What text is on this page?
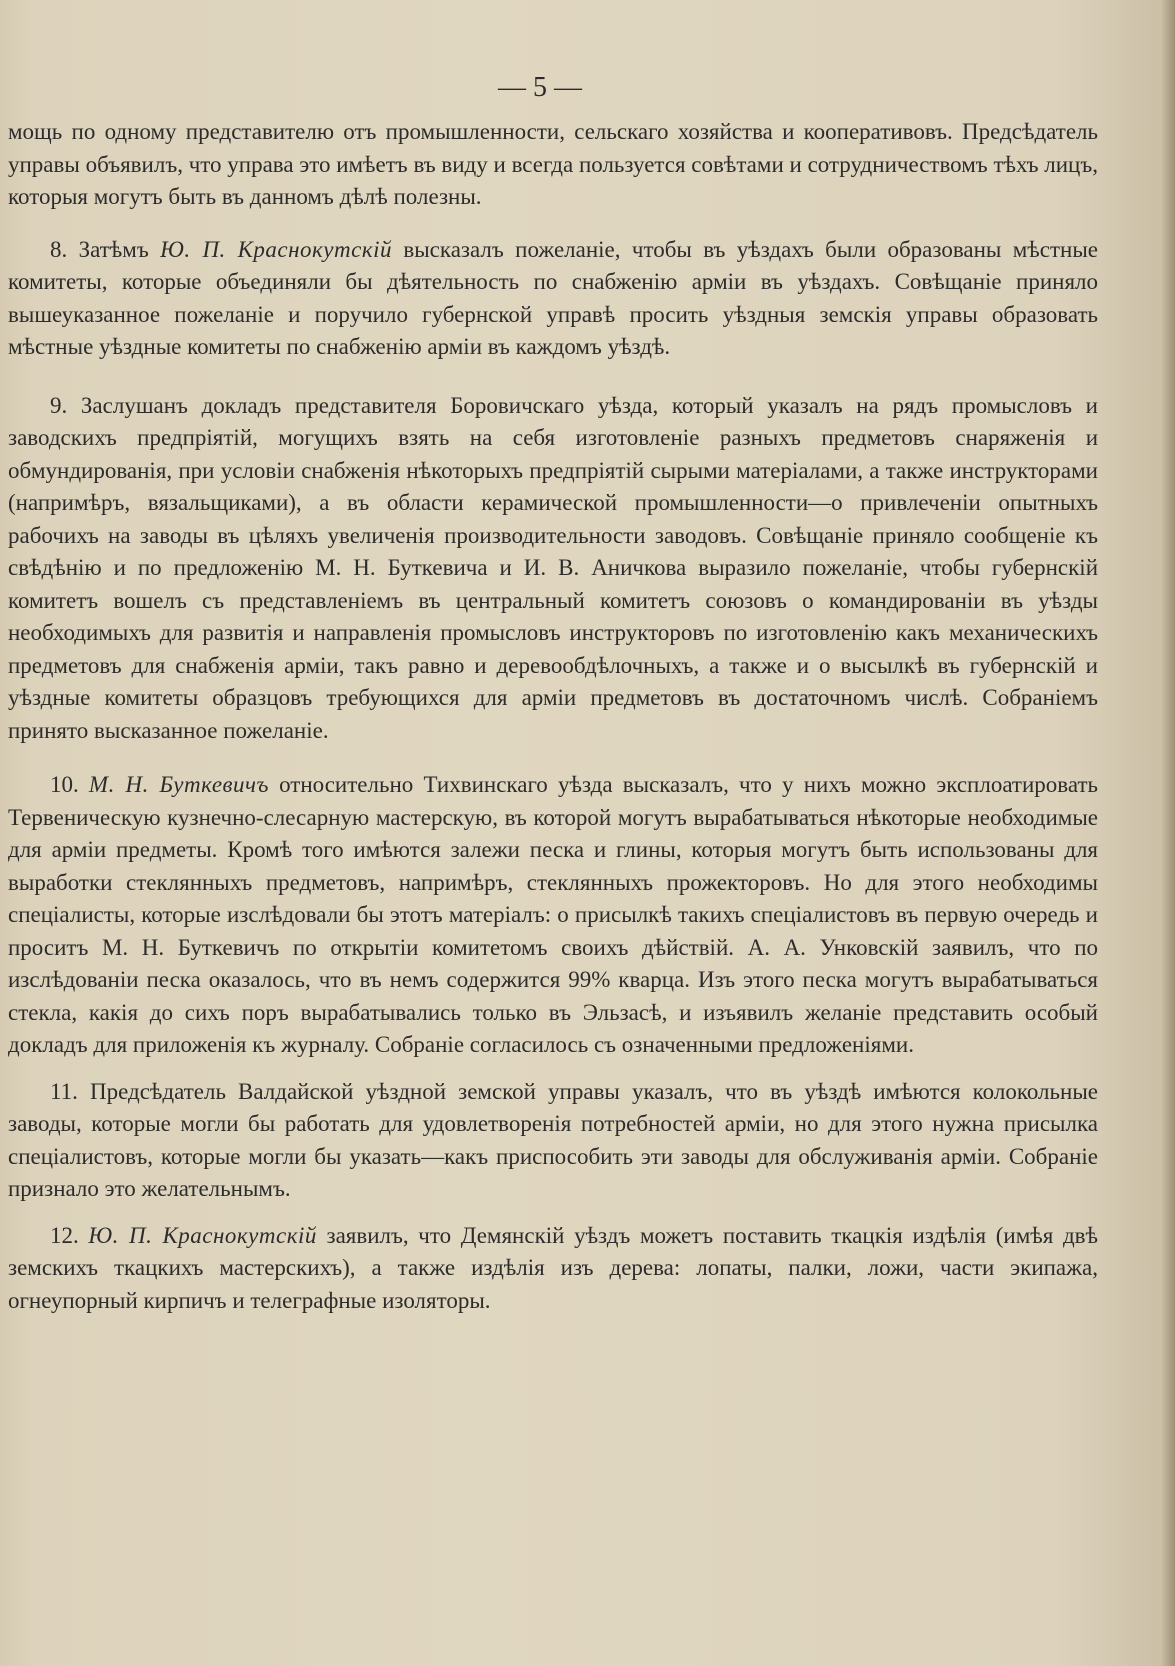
— 5 —

мощь по одному представителю отъ промышленности, сельскаго хозяйства и кооперативовъ. Предсѣдатель управы объявилъ, что управа это имѣетъ въ виду и всегда пользуется совѣтами и сотрудничествомъ тѣхъ лицъ, которыя могутъ быть въ данномъ дѣлѣ полезны.

8. Затѣмъ Ю. П. Краснокутскій высказалъ пожеланіе, чтобы въ уѣздахъ были образованы мѣстные комитеты, которые объединяли бы дѣятельность по снабженію арміи въ уѣздахъ. Совѣщаніе приняло вышеуказанное пожеланіе и поручило губернской управѣ просить уѣздныя земскія управы образовать мѣстные уѣздные комитеты по снабженію арміи въ каждомъ уѣздѣ.

9. Заслушанъ докладъ представителя Боровичскаго уѣзда, который указалъ на рядъ промысловъ и заводскихъ предпріятій, могущихъ взять на себя изготовленіе разныхъ предметовъ снаряженія и обмундированія, при условіи снабженія нѣкоторыхъ предпріятій сырыми матеріалами, а также инструкторами (напримѣръ, вязальщиками), а въ области керамической промышленности—о привлеченіи опытныхъ рабочихъ на заводы въ цѣляхъ увеличенія производительности заводовъ. Совѣщаніе приняло сообщеніе къ свѣдѣнію и по предложенію М. Н. Буткевича и И. В. Аничкова выразило пожеланіе, чтобы губернскій комитетъ вошелъ съ представленіемъ въ центральный комитетъ союзовъ о командированіи въ уѣзды необходимыхъ для развитія и направленія промысловъ инструкторовъ по изготовленію какъ механическихъ предметовъ для снабженія арміи, такъ равно и деревообдѣлочныхъ, а также и о высылкѣ въ губернскій и уѣздные комитеты образцовъ требующихся для арміи предметовъ въ достаточномъ числѣ. Собраніемъ принято высказанное пожеланіе.

10. М. Н. Буткевичъ относительно Тихвинскаго уѣзда высказалъ, что у нихъ можно эксплоатировать Тервеническую кузнечно-слесарную мастерскую, въ которой могутъ вырабатываться нѣкоторые необходимые для арміи предметы. Кромѣ того имѣются залежи песка и глины, которыя могутъ быть использованы для выработки стеклянныхъ предметовъ, напримѣръ, стеклянныхъ прожекторовъ. Но для этого необходимы спеціалисты, которые изслѣдовали бы этотъ матеріалъ: о присылкѣ такихъ спеціалистовъ въ первую очередь и проситъ М. Н. Буткевичъ по открытіи комитетомъ своихъ дѣйствій. А. А. Унковскій заявилъ, что по изслѣдованіи песка оказалось, что въ немъ содержится 99% кварца. Изъ этого песка могутъ вырабатываться стекла, какія до сихъ поръ вырабатывались только въ Эльзасѣ, и изъявилъ желаніе представить особый докладъ для приложенія къ журналу. Собраніе согласилось съ означенными предложеніями.

11. Предсѣдатель Валдайской уѣздной земской управы указалъ, что въ уѣздѣ имѣются колокольные заводы, которые могли бы работать для удовлетворенія потребностей арміи, но для этого нужна присылка спеціалистовъ, которые могли бы указать—какъ приспособить эти заводы для обслуживанія арміи. Собраніе признало это желательнымъ.

12. Ю. П. Краснокутскій заявилъ, что Демянскій уѣздъ можетъ поставить ткацкія издѣлія (имѣя двѣ земскихъ ткацкихъ мастерскихъ), а также издѣлія изъ дерева: лопаты, палки, ложи, части экипажа, огнеупорный кирпичъ и телеграфные изоляторы.
